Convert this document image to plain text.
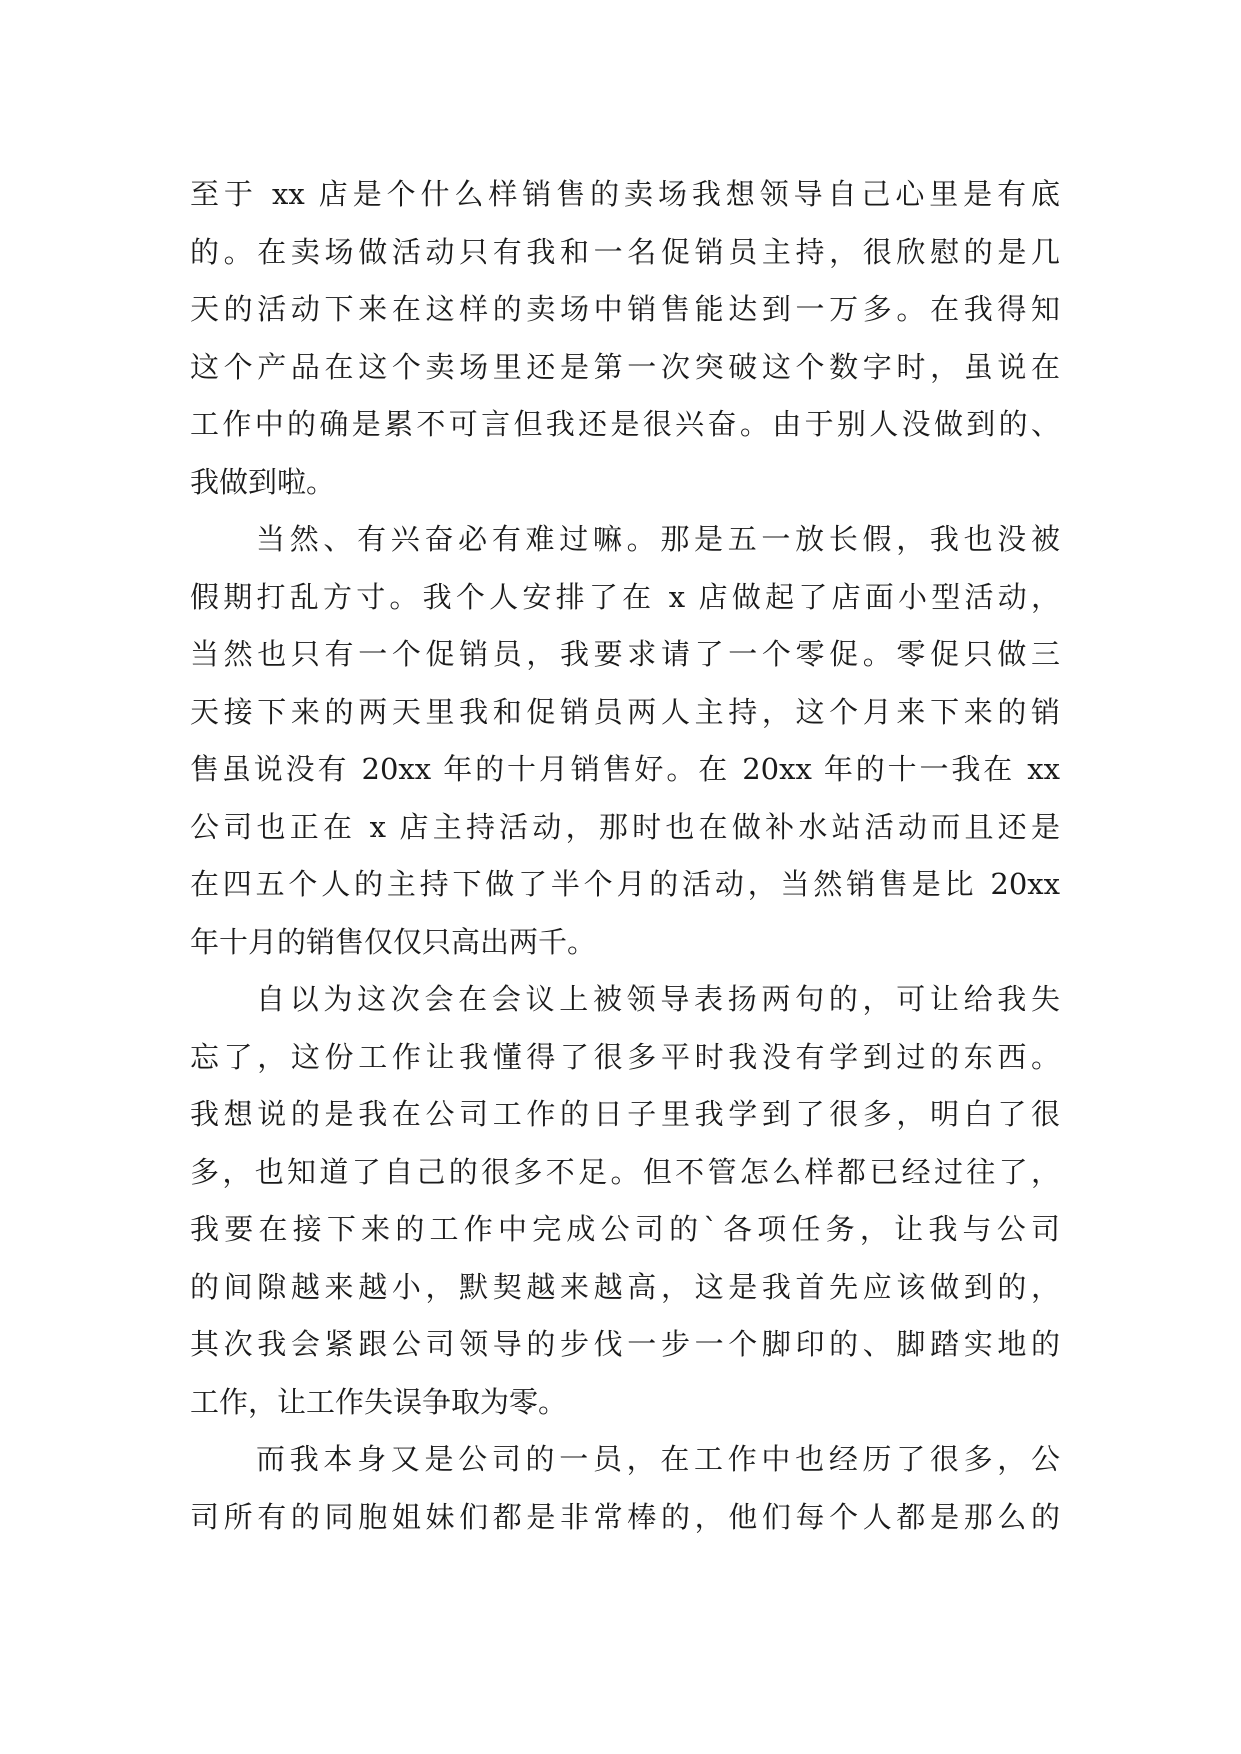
至于 xx 店是个什么样销售的卖场我想领导自己心里是有底
的。在卖场做活动只有我和一名促销员主持，很欣慰的是几
天的活动下来在这样的卖场中销售能达到一万多。在我得知
这个产品在这个卖场里还是第一次突破这个数字时，虽说在
工作中的确是累不可言但我还是很兴奋。由于别人没做到的、
我做到啦。
当然、有兴奋必有难过嘛。那是五一放长假，我也没被
假期打乱方寸。我个人安排了在 x 店做起了店面小型活动，
当然也只有一个促销员，我要求请了一个零促。零促只做三
天接下来的两天里我和促销员两人主持，这个月来下来的销
售虽说没有 20xx 年的十月销售好。在 20xx 年的十一我在 xx
公司也正在 x 店主持活动，那时也在做补水站活动而且还是
在四五个人的主持下做了半个月的活动，当然销售是比 20xx
年十月的销售仅仅只高出两千。
自以为这次会在会议上被领导表扬两句的，可让给我失
忘了，这份工作让我懂得了很多平时我没有学到过的东西。
我想说的是我在公司工作的日子里我学到了很多，明白了很
多，也知道了自己的很多不足。但不管怎么样都已经过往了，
我要在接下来的工作中完成公司的`各项任务，让我与公司
的间隙越来越小，默契越来越高，这是我首先应该做到的，
其次我会紧跟公司领导的步伐一步一个脚印的、脚踏实地的
工作，让工作失误争取为零。
而我本身又是公司的一员，在工作中也经历了很多，公
司所有的同胞姐妹们都是非常棒的，他们每个人都是那么的
